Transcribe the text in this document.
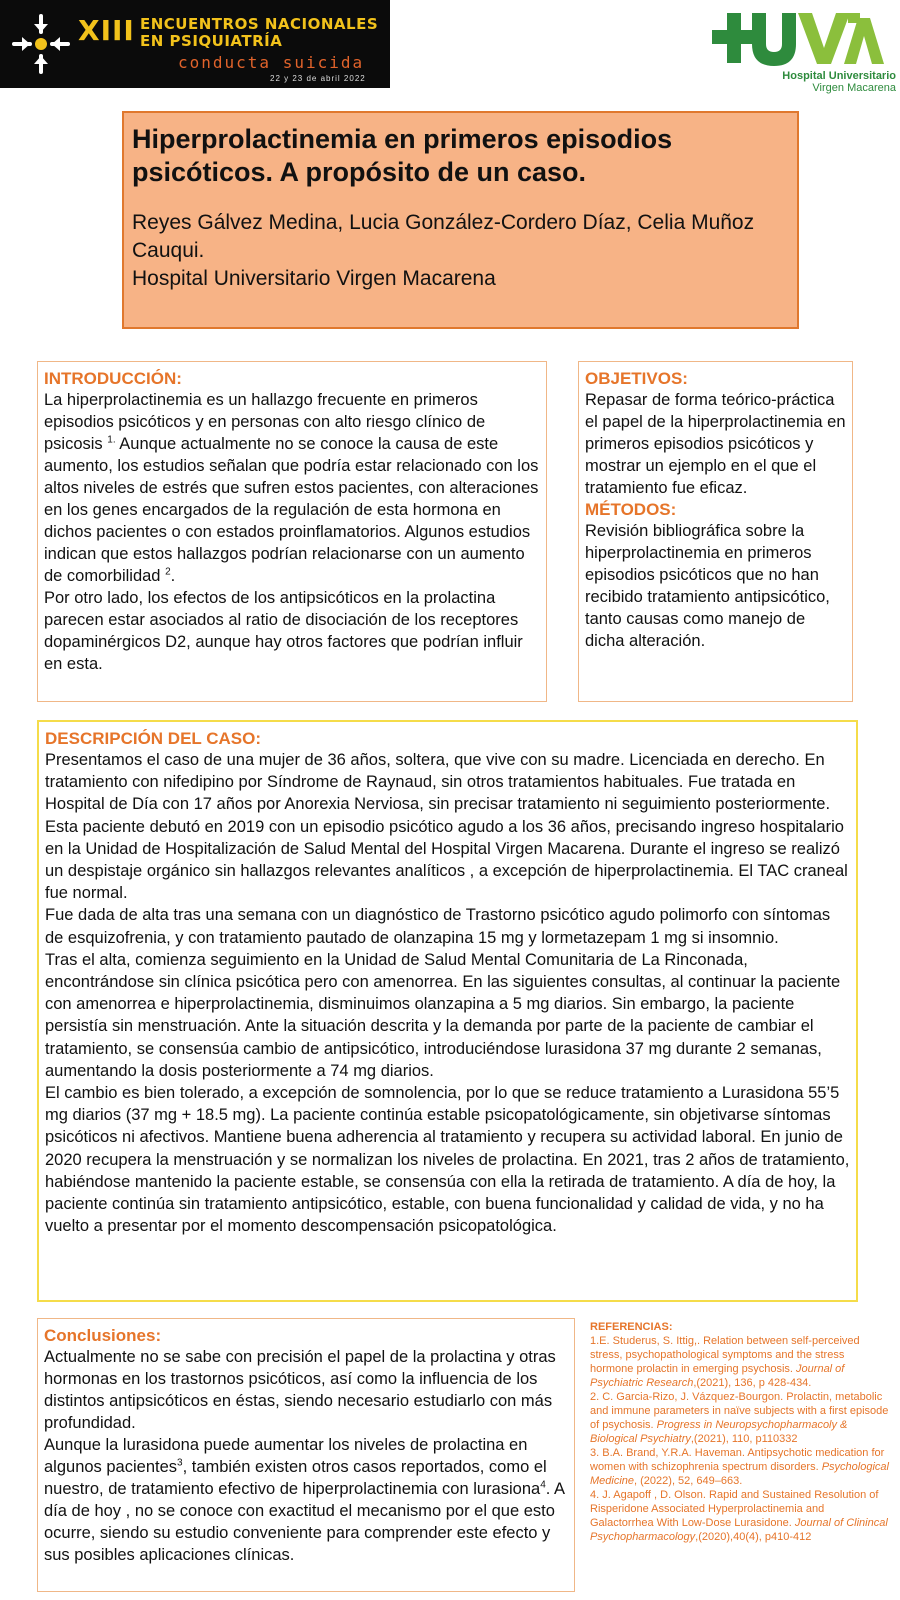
XIII ENCUENTROS NACIONALES
EN PSIQUIATRÍA
conducta suicida
22 y 23 de abril 2022	Hospital Universitario
Virgen Macarena
Hiperprolactinemia en primeros episodios psicóticos. A propósito de un caso.
Reyes Gálvez Medina, Lucia González-Cordero Díaz, Celia Muñoz Cauqui.
Hospital Universitario Virgen Macarena
INTRODUCCIÓN:

La hiperprolactinemia es un hallazgo frecuente en primeros episodios psicóticos y en personas con alto riesgo clínico de psicosis $^{1.}$ Aunque actualmente no se conoce la causa de este aumento, los estudios señalan que podría estar relacionado con los altos niveles de estrés que sufren estos pacientes, con alteraciones en los genes encargados de la regulación de esta hormona en dichos pacientes o con estados proinflamatorios. Algunos estudios indican que estos hallazgos podrían relacionarse con un aumento de comorbilidad $^2$.

Por otro lado, los efectos de los antipsicóticos en la prolactina parecen estar asociados al ratio de disociación de los receptores dopaminérgicos D2, aunque hay otros factores que podrían influir en esta.

OBJETIVOS:

Repasar de forma teórico-práctica el papel de la hiperprolactinemia en primeros episodios psicóticos y mostrar un ejemplo en el que el tratamiento fue eficaz.

MÉTODOS:

Revisión bibliográfica sobre la hiperprolactinemia en primeros episodios psicóticos que no han recibido tratamiento antipsicótico, tanto causas como manejo de dicha alteración.

DESCRIPCIÓN DEL CASO:

Presentamos el caso de una mujer de 36 años, soltera, que vive con su madre. Licenciada en derecho. En tratamiento con nifedipino por Síndrome de Raynaud, sin otros tratamientos habituales. Fue tratada en Hospital de Día con 17 años por Anorexia Nerviosa, sin precisar tratamiento ni seguimiento posteriormente.

Esta paciente debutó en 2019 con un episodio psicótico agudo a los 36 años, precisando ingreso hospitalario en la Unidad de Hospitalización de Salud Mental del Hospital Virgen Macarena. Durante el ingreso se realizó un despistaje orgánico sin hallazgos relevantes analíticos , a excepción de hiperprolactinemia. El TAC craneal fue normal.

Fue dada de alta tras una semana con un diagnóstico de Trastorno psicótico agudo polimorfo con síntomas de esquizofrenia, y con tratamiento pautado de olanzapina 15 mg y lormetazepam 1 mg si insomnio.

Tras el alta, comienza seguimiento en la Unidad de Salud Mental Comunitaria de La Rinconada, encontrándose sin clínica psicótica pero con amenorrea. En las siguientes consultas, al continuar la paciente con amenorrea e hiperprolactinemia, disminuimos olanzapina a 5 mg diarios. Sin embargo, la paciente persistía sin menstruación. Ante la situación descrita y la demanda por parte de la paciente de cambiar el tratamiento, se consensúa cambio de antipsicótico, introduciéndose lurasidona 37 mg durante 2 semanas, aumentando la dosis posteriormente a 74 mg diarios.

El cambio es bien tolerado, a excepción de somnolencia, por lo que se reduce tratamiento a Lurasidona 55’5 mg diarios (37 mg + 18.5 mg). La paciente continúa estable psicopatológicamente, sin objetivarse síntomas psicóticos ni afectivos. Mantiene buena adherencia al tratamiento y recupera su actividad laboral. En junio de 2020 recupera la menstruación y se normalizan los niveles de prolactina. En 2021, tras 2 años de tratamiento, habiéndose mantenido la paciente estable, se consensúa con ella la retirada de tratamiento. A día de hoy, la paciente continúa sin tratamiento antipsicótico, estable, con buena funcionalidad y calidad de vida, y no ha vuelto a presentar por el momento descompensación psicopatológica.

Conclusiones:

Actualmente no se sabe con precisión el papel de la prolactina y otras hormonas en los trastornos psicóticos, así como la influencia de los distintos antipsicóticos en éstas, siendo necesario estudiarlo con más profundidad.

Aunque la lurasidona puede aumentar los niveles de prolactina en algunos pacientes$^3$, también existen otros casos reportados, como el nuestro, de tratamiento efectivo de hiperprolactinemia con lurasiona$^4$. A día de hoy , no se conoce con exactitud el mecanismo por el que esto ocurre, siendo su estudio conveniente para comprender este efecto y sus posibles aplicaciones clínicas.

REFERENCIAS:

1.E. Studerus, S. Ittig,. Relation between self-perceived stress, psychopathological symptoms and the stress hormone prolactin in emerging psychosis. Journal of Psychiatric Research,(2021), 136, p 428-434.

2. C. Garcia-Rizo, J. Vázquez-Bourgon. Prolactin, metabolic and immune parameters in naïve subjects with a first episode of psychosis. Progress in Neuropsychopharmacoly & Biological Psychiatry,(2021), 110, p110332

3. B.A. Brand, Y.R.A. Haveman. Antipsychotic medication for women with schizophrenia spectrum disorders. Psychological Medicine, (2022), 52, 649–663.

4. J. Agapoff , D. Olson. Rapid and Sustained Resolution of Risperidone Associated Hyperprolactinemia and Galactorrhea With Low-Dose Lurasidone. Journal of Clinincal Psychopharmacology,(2020),40(4), p410-412
